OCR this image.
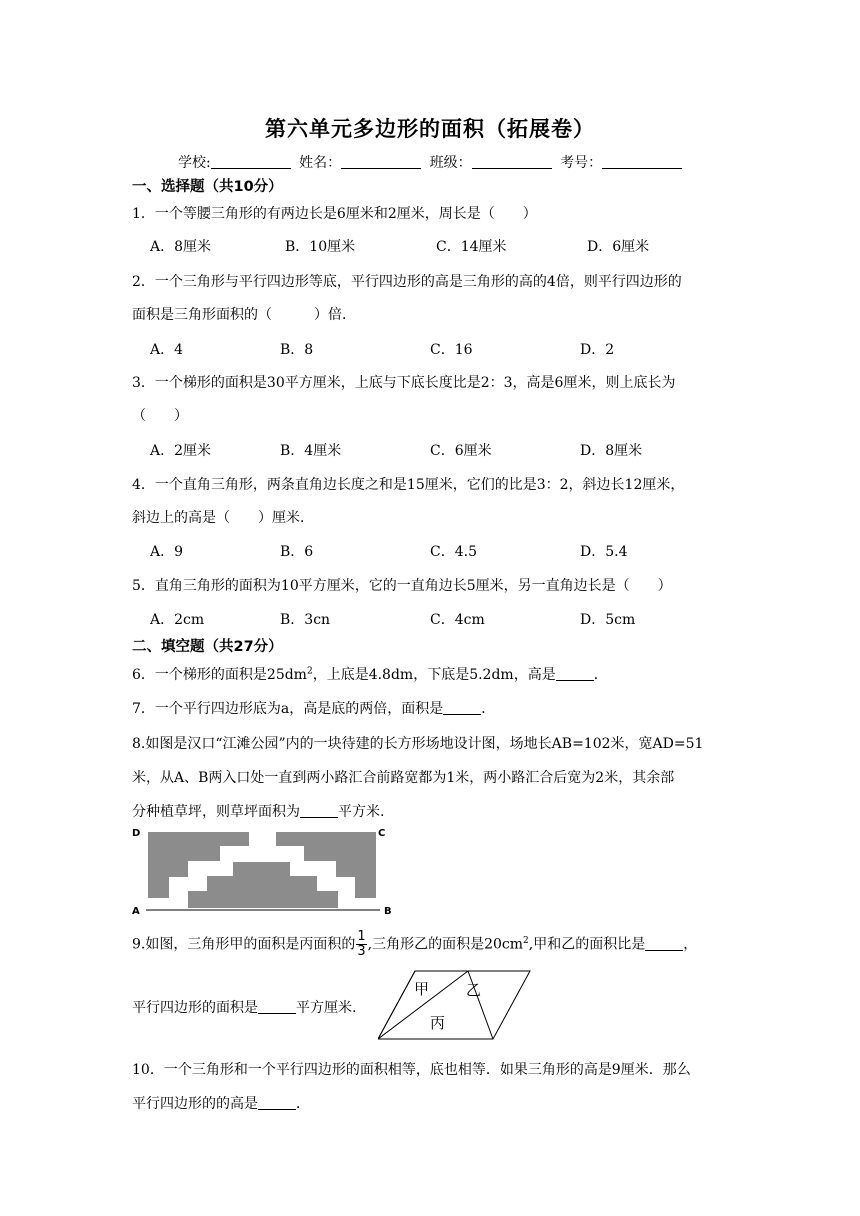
第六单元多边形的面积（拓展卷）
学校:	姓名：	班级：	考号：
一、选择题（共10分）
1．一个等腰三角形的有两边长是6厘米和2厘米，周长是（　　）
A．8厘米	B．10厘米	C．14厘米	D．6厘米
2．一个三角形与平行四边形等底，平行四边形的高是三角形的高的4倍，则平行四边形的
面积是三角形面积的（　　　）倍．
A．4	B．8	C．16	D．2
3．一个梯形的面积是30平方厘米，上底与下底长度比是2：3，高是6厘米，则上底长为
（　　）
A．2厘米	B．4厘米	C．6厘米	D．8厘米
4．一个直角三角形，两条直角边长度之和是15厘米，它们的比是3：2，斜边长12厘米，
斜边上的高是（　　）厘米．
A．9	B．6	C．4.5	D．5.4
5．直角三角形的面积为10平方厘米，它的一直角边长5厘米，另一直角边长是（　　）
A．2cm	B．3cn	C．4cm	D．5cm
二、填空题（共27分）
6．一个梯形的面积是$25dm^2$，上底是4.8dm，下底是5.2dm，高是	．
7．一个平行四边形底为a，高是底的两倍，面积是	．
8.如图是汉口“江滩公园”内的一块待建的长方形场地设计图，场地长AB=102米，宽AD=51
米，从A、B两入口处一直到两小路汇合前路宽都为1米，两小路汇合后宽为2米，其余部
分种植草坪，则草坪面积为	平方米.
D	C
A	B
9.如图，三角形甲的面积是丙面积的 $\frac{1}{3}$ ,三角形乙的面积是$20cm^2$,甲和乙的面积比是	，
平行四边形的面积是	平方厘米.
甲 乙
丙
10．一个三角形和一个平行四边形的面积相等，底也相等．如果三角形的高是9厘米．那么
平行四边形的的高是	．
